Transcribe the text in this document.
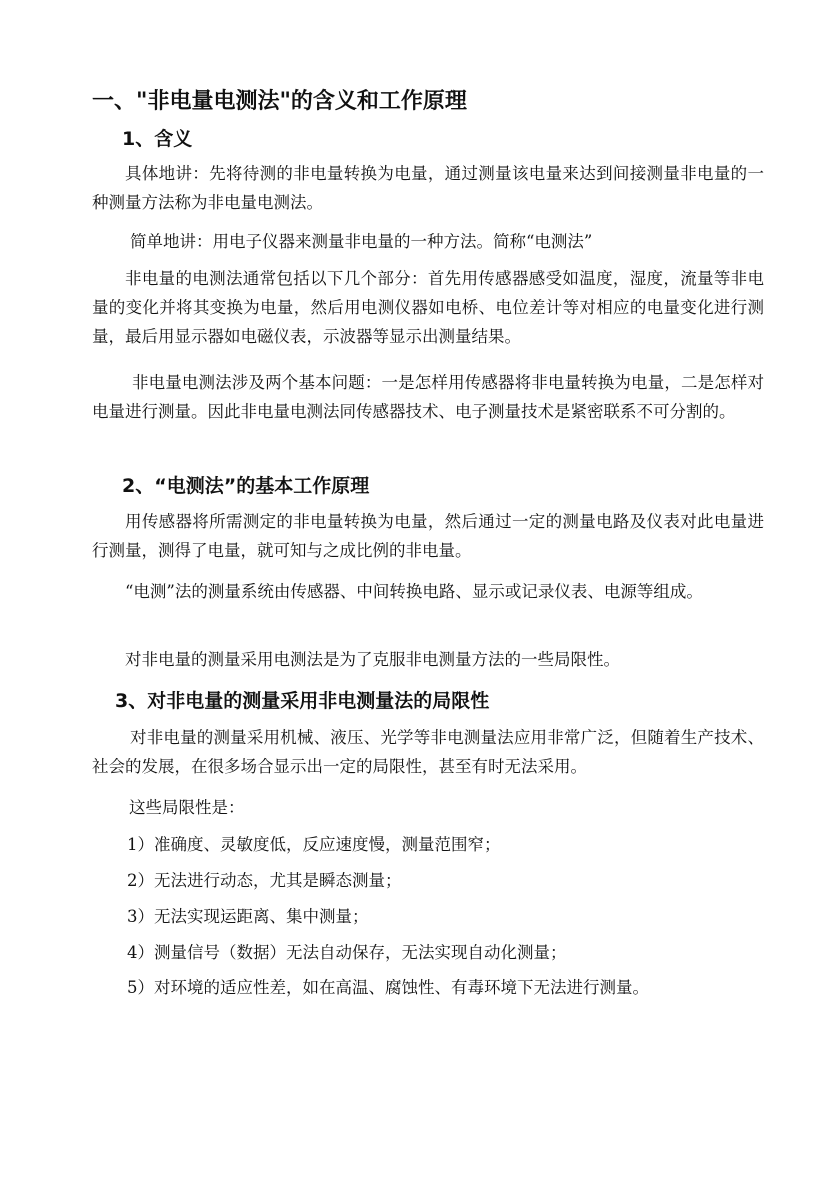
一、"非电量电测法"的含义和工作原理
1、含义
具体地讲：先将待测的非电量转换为电量，通过测量该电量来达到间接测量非电量的一种测量方法称为非电量电测法。
简单地讲：用电子仪器来测量非电量的一种方法。简称“电测法”
非电量的电测法通常包括以下几个部分：首先用传感器感受如温度，湿度，流量等非电量的变化并将其变换为电量，然后用电测仪器如电桥、电位差计等对相应的电量变化进行测量，最后用显示器如电磁仪表，示波器等显示出测量结果。
非电量电测法涉及两个基本问题：一是怎样用传感器将非电量转换为电量，二是怎样对电量进行测量。因此非电量电测法同传感器技术、电子测量技术是紧密联系不可分割的。
2、“电测法”的基本工作原理
用传感器将所需测定的非电量转换为电量，然后通过一定的测量电路及仪表对此电量进行测量，测得了电量，就可知与之成比例的非电量。
“电测”法的测量系统由传感器、中间转换电路、显示或记录仪表、电源等组成。
对非电量的测量采用电测法是为了克服非电测量方法的一些局限性。
3、对非电量的测量采用非电测量法的局限性
对非电量的测量采用机械、液压、光学等非电测量法应用非常广泛，但随着生产技术、社会的发展，在很多场合显示出一定的局限性，甚至有时无法采用。
这些局限性是：
1）准确度、灵敏度低，反应速度慢，测量范围窄；
2）无法进行动态，尤其是瞬态测量；
3）无法实现运距离、集中测量；
4）测量信号（数据）无法自动保存，无法实现自动化测量；
5）对环境的适应性差，如在高温、腐蚀性、有毒环境下无法进行测量。
